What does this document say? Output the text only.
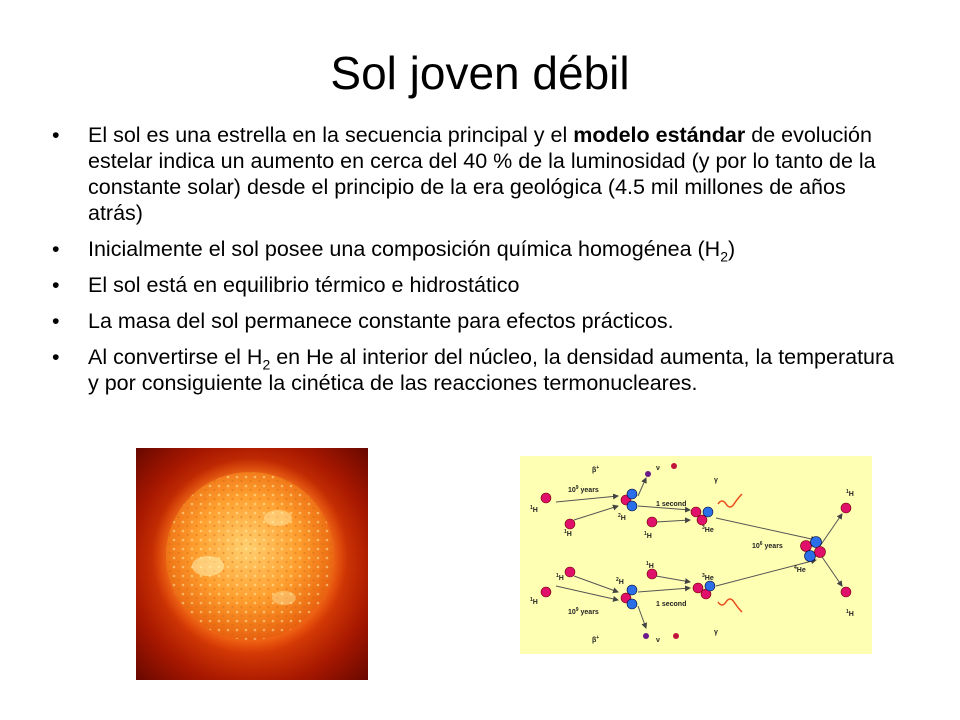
Sol joven débil
• El sol es una estrella en la secuencia principal y el modelo estándar de evolución estelar indica un aumento en cerca del 40 % de la luminosidad (y por lo tanto de la constante solar) desde el principio de la era geológica (4.5 mil millones de años atrás)
• Inicialmente el sol posee una composición química homogénea $(H_2)$
• El sol está en equilibrio térmico e hidrostático
• La masa del sol permanece constante para efectos prácticos.
• Al convertirse el $H_2$ en He al interior del núcleo, la densidad aumenta, la temperatura y por consiguiente la cinética de las reacciones termonucleares.
β+	ν
γ
$10^9$ years
1 second
$10^6$ years
$^1$H
$^1$H
$^2$H
$^1$H
$^3$He
$^4$He
$^1$H
$^1$H
$^1$H
$^2$H
$^1$H
$^3$He
$^1$H
$10^9$ years
1 second
β+	ν
γ
